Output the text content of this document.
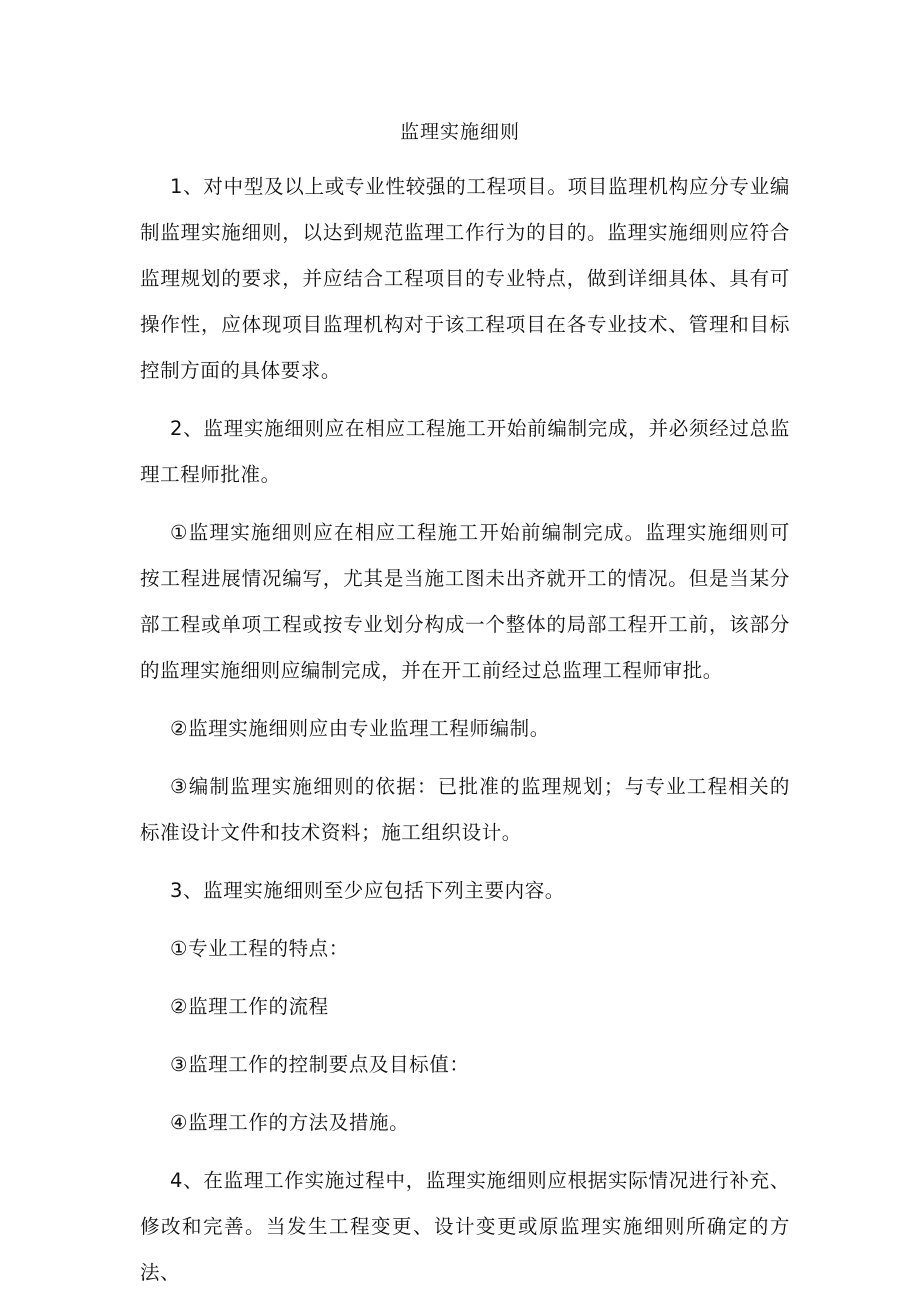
监理实施细则

1、对中型及以上或专业性较强的工程项目。项目监理机构应分专业编制监理实施细则，以达到规范监理工作行为的目的。监理实施细则应符合监理规划的要求，并应结合工程项目的专业特点，做到详细具体、具有可操作性，应体现项目监理机构对于该工程项目在各专业技术、管理和目标控制方面的具体要求。

2、监理实施细则应在相应工程施工开始前编制完成，并必须经过总监理工程师批准。

①监理实施细则应在相应工程施工开始前编制完成。监理实施细则可按工程进展情况编写，尤其是当施工图未出齐就开工的情况。但是当某分部工程或单项工程或按专业划分构成一个整体的局部工程开工前，该部分的监理实施细则应编制完成，并在开工前经过总监理工程师审批。

②监理实施细则应由专业监理工程师编制。

③编制监理实施细则的依据：已批准的监理规划；与专业工程相关的标准设计文件和技术资料；施工组织设计。

3、监理实施细则至少应包括下列主要内容。

①专业工程的特点：

②监理工作的流程

③监理工作的控制要点及目标值：

④监理工作的方法及措施。

4、在监理工作实施过程中，监理实施细则应根据实际情况进行补充、修改和完善。当发生工程变更、设计变更或原监理实施细则所确定的方法、
